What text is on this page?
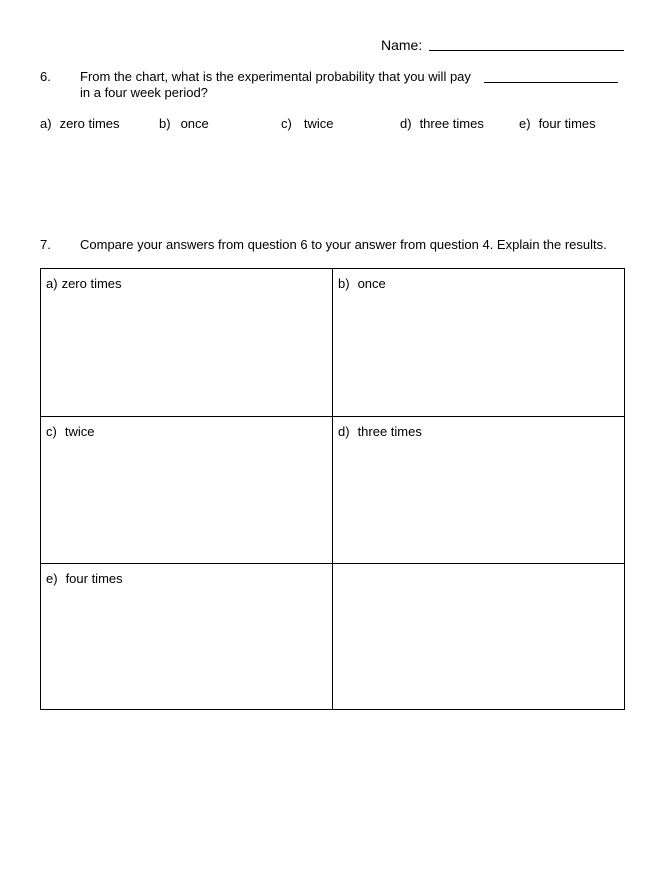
Name:
6. From the chart, what is the experimental probability that you will pay
in a four week period?
a) zero times	b) once	c) twice	d) three times	e) four times
7. Compare your answers from question 6 to your answer from question 4. Explain the results.
a) zero times	b) once
c) twice	d) three times
e) four times
